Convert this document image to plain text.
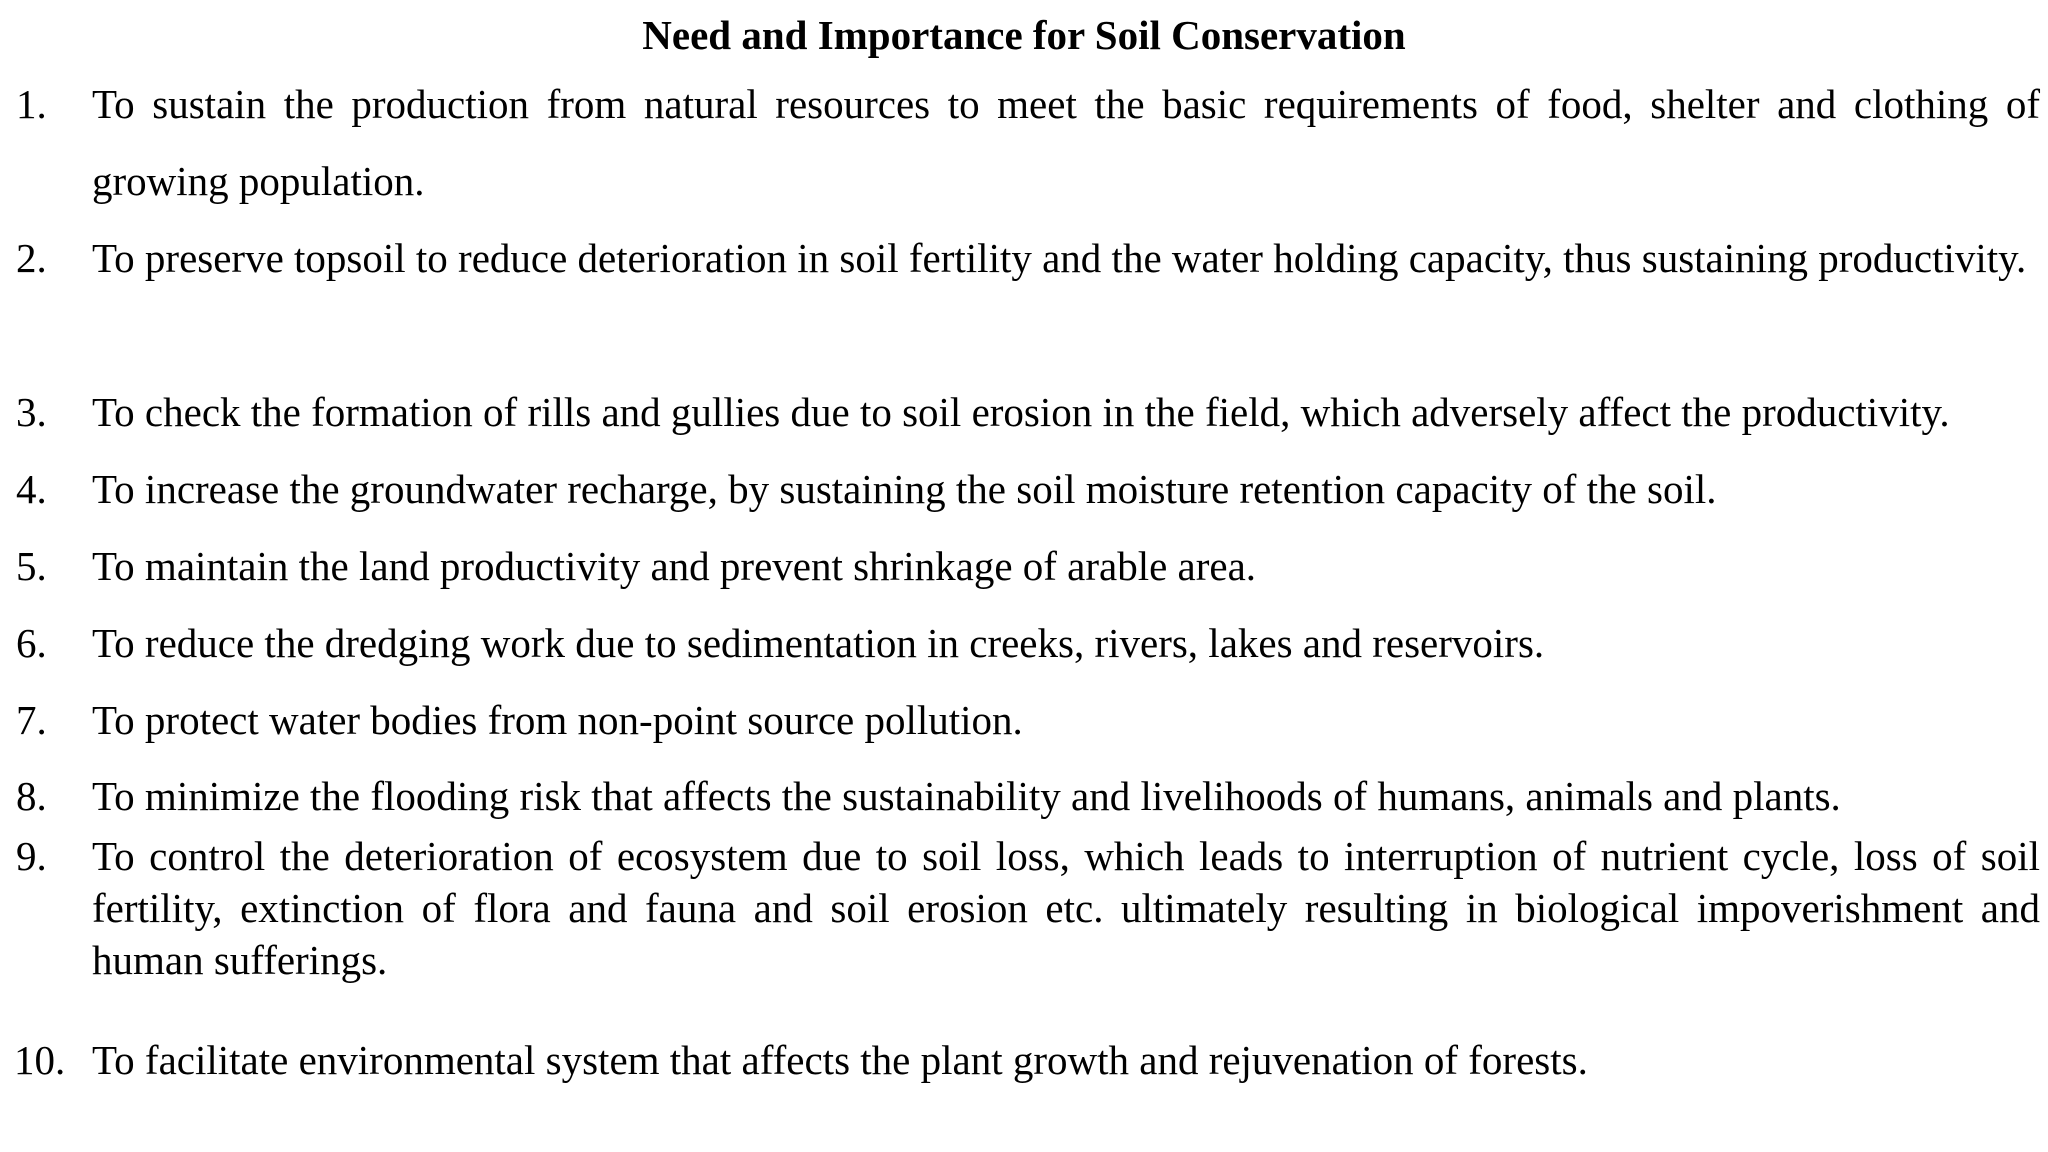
Need and Importance for Soil Conservation
1.	To sustain the production from natural resources to meet the basic requirements of food, shelter and clothing of growing population.
2.	To preserve topsoil to reduce deterioration in soil fertility and the water holding capacity, thus sustaining productivity.
3.	To check the formation of rills and gullies due to soil erosion in the field, which adversely affect the productivity.
4.	To increase the groundwater recharge, by sustaining the soil moisture retention capacity of the soil.
5.	To maintain the land productivity and prevent shrinkage of arable area.
6.	To reduce the dredging work due to sedimentation in creeks, rivers, lakes and reservoirs.
7.	To protect water bodies from non-point source pollution.
8.	To minimize the flooding risk that affects the sustainability and livelihoods of humans, animals and plants.
9.	To control the deterioration of ecosystem due to soil loss, which leads to interruption of nutrient cycle, loss of soil fertility, extinction of flora and fauna and soil erosion etc. ultimately resulting in biological impoverishment and human sufferings.
10. To facilitate environmental system that affects the plant growth and rejuvenation of forests.
